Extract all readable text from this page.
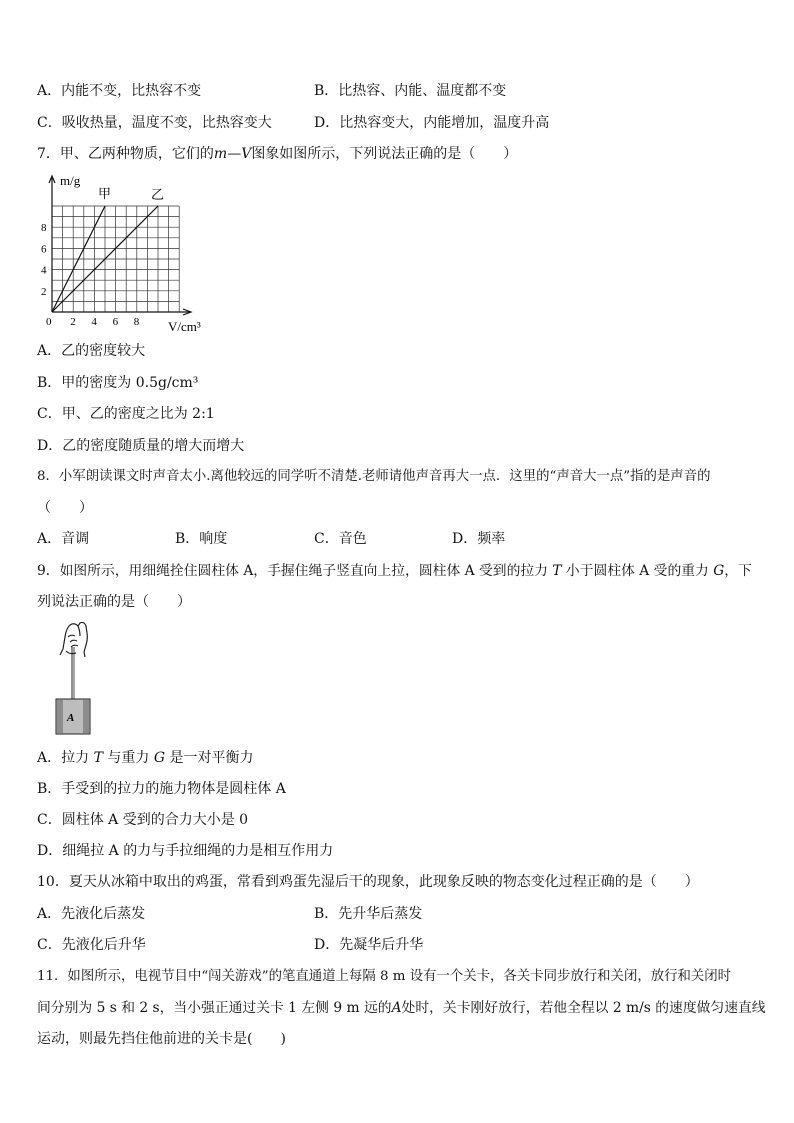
A．内能不变，比热容不变	B．比热容、内能、温度都不变
C．吸收热量，温度不变，比热容变大	D．比热容变大，内能增加，温度升高
7．甲、乙两种物质，它们的m—V图象如图所示，下列说法正确的是（　　）
0 2 4 6 8
2
4
6
8
m/g
V/cm³
甲	乙
A．乙的密度较大
B．甲的密度为 0.5g/cm³
C．甲、乙的密度之比为 2:1
D．乙的密度随质量的增大而增大
8．小军朗读课文时声音太小.离他较远的同学听不清楚.老师请他声音再大一点．这里的“声音大一点”指的是声音的
（　　）
A．音调	B．响度	C．音色	D．频率
9．如图所示，用细绳拴住圆柱体 A，手握住绳子竖直向上拉，圆柱体 A 受到的拉力 T 小于圆柱体 A 受的重力 G，下
列说法正确的是（　　）
A
A．拉力 T 与重力 G 是一对平衡力
B．手受到的拉力的施力物体是圆柱体 A
C．圆柱体 A 受到的合力大小是 0
D．细绳拉 A 的力与手拉细绳的力是相互作用力
10．夏天从冰箱中取出的鸡蛋，常看到鸡蛋先湿后干的现象，此现象反映的物态变化过程正确的是（　　）
A．先液化后蒸发	B．先升华后蒸发
C．先液化后升华	D．先凝华后升华
11．如图所示，电视节目中“闯关游戏”的笔直通道上每隔 8 m 设有一个关卡，各关卡同步放行和关闭，放行和关闭时
间分别为 5 s 和 2 s，当小强正通过关卡 1 左侧 9 m 远的A处时，关卡刚好放行，若他全程以 2 m/s 的速度做匀速直线
运动，则最先挡住他前进的关卡是(　　)
